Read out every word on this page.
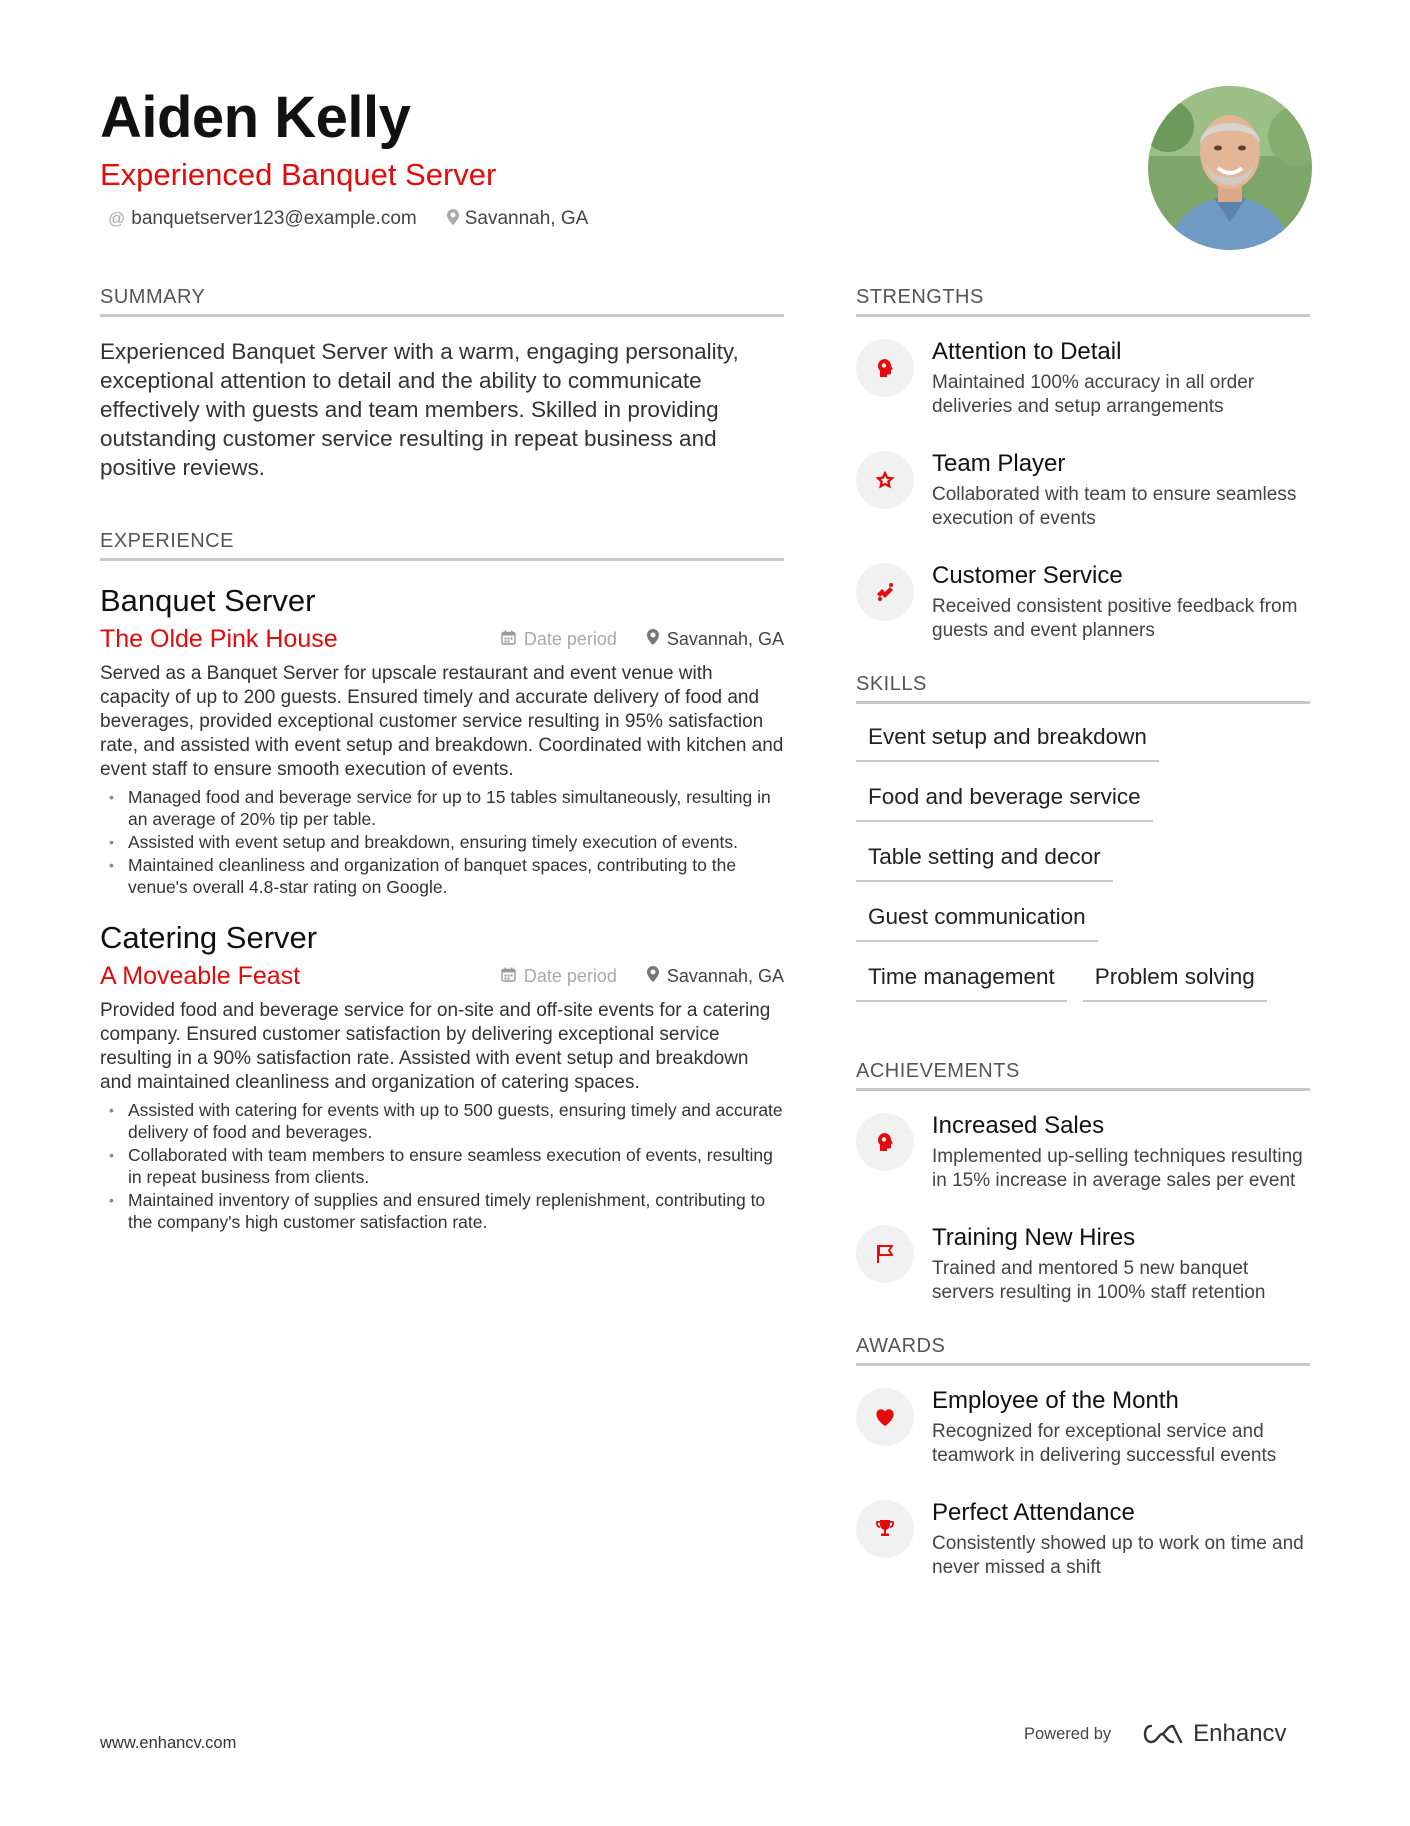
Aiden Kelly
Experienced Banquet Server
@ banquetserver123@example.com	Savannah, GA
SUMMARY
Experienced Banquet Server with a warm, engaging personality, exceptional attention to detail and the ability to communicate effectively with guests and team members. Skilled in providing outstanding customer service resulting in repeat business and positive reviews.
EXPERIENCE
Banquet Server
The Olde Pink House	Date period	Savannah, GA
Served as a Banquet Server for upscale restaurant and event venue with capacity of up to 200 guests. Ensured timely and accurate delivery of food and beverages, provided exceptional customer service resulting in 95% satisfaction rate, and assisted with event setup and breakdown. Coordinated with kitchen and event staff to ensure smooth execution of events.
• Managed food and beverage service for up to 15 tables simultaneously, resulting in an average of 20% tip per table.
• Assisted with event setup and breakdown, ensuring timely execution of events.
• Maintained cleanliness and organization of banquet spaces, contributing to the venue's overall 4.8-star rating on Google.
Catering Server
A Moveable Feast	Date period	Savannah, GA
Provided food and beverage service for on-site and off-site events for a catering company. Ensured customer satisfaction by delivering exceptional service resulting in a 90% satisfaction rate. Assisted with event setup and breakdown and maintained cleanliness and organization of catering spaces.
• Assisted with catering for events with up to 500 guests, ensuring timely and accurate delivery of food and beverages.
• Collaborated with team members to ensure seamless execution of events, resulting in repeat business from clients.
• Maintained inventory of supplies and ensured timely replenishment, contributing to the company's high customer satisfaction rate.
STRENGTHS
Attention to Detail
Maintained 100% accuracy in all order deliveries and setup arrangements
Team Player
Collaborated with team to ensure seamless execution of events
Customer Service
Received consistent positive feedback from guests and event planners
SKILLS
Event setup and breakdown
Food and beverage service
Table setting and decor
Guest communication
Time management	Problem solving
ACHIEVEMENTS
Increased Sales
Implemented up-selling techniques resulting in 15% increase in average sales per event
Training New Hires
Trained and mentored 5 new banquet servers resulting in 100% staff retention
AWARDS
Employee of the Month
Recognized for exceptional service and teamwork in delivering successful events
Perfect Attendance
Consistently showed up to work on time and never missed a shift
www.enhancv.com
Powered by	Enhancv
